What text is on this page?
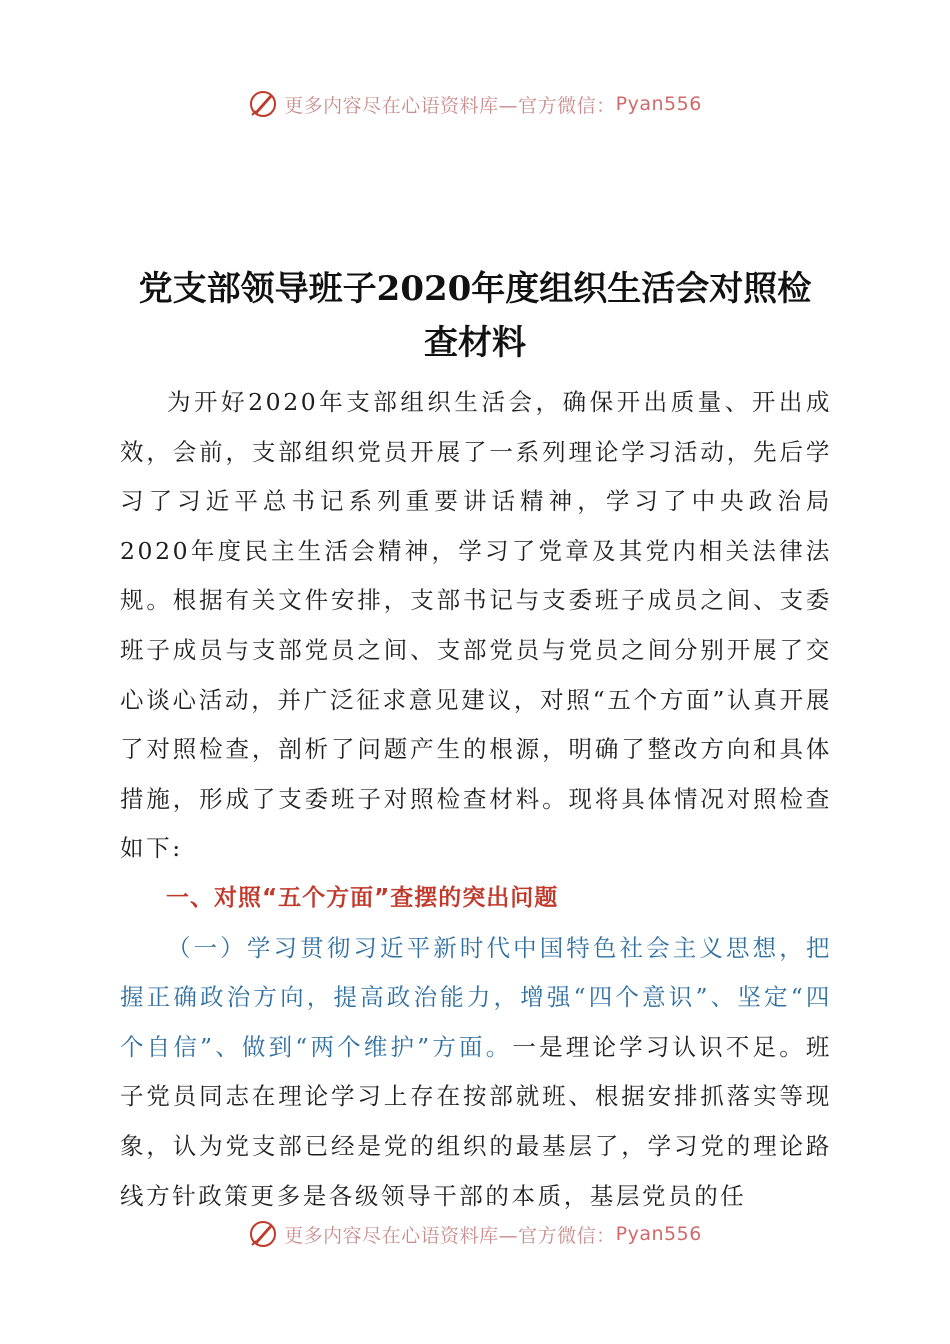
更多内容尽在心语资料库—官方微信： Pyan556
党支部领导班子2020年度组织生活会对照检
查材料

为开好2020年支部组织生活会，确保开出质量、开出成效，会前，支部组织党员开展了一系列理论学习活动，先后学习了习近平总书记系列重要讲话精神，学习了中央政治局2020年度民主生活会精神，学习了党章及其党内相关法律法规。根据有关文件安排，支部书记与支委班子成员之间、支委班子成员与支部党员之间、支部党员与党员之间分别开展了交心谈心活动，并广泛征求意见建议，对照“五个方面”认真开展了对照检查，剖析了问题产生的根源，明确了整改方向和具体措施，形成了支委班子对照检查材料。现将具体情况对照检查如下:

一、对照“五个方面”查摆的突出问题

（一）学习贯彻习近平新时代中国特色社会主义思想，把握正确政治方向，提高政治能力，增强“四个意识”、坚定“四个自信”、做到“两个维护”方面。一是理论学习认识不足。班子党员同志在理论学习上存在按部就班、根据安排抓落实等现象，认为党支部已经是党的组织的最基层了，学习党的理论路线方针政策更多是各级领导干部的本质，基层党员的任

更多内容尽在心语资料库—官方微信： Pyan556
